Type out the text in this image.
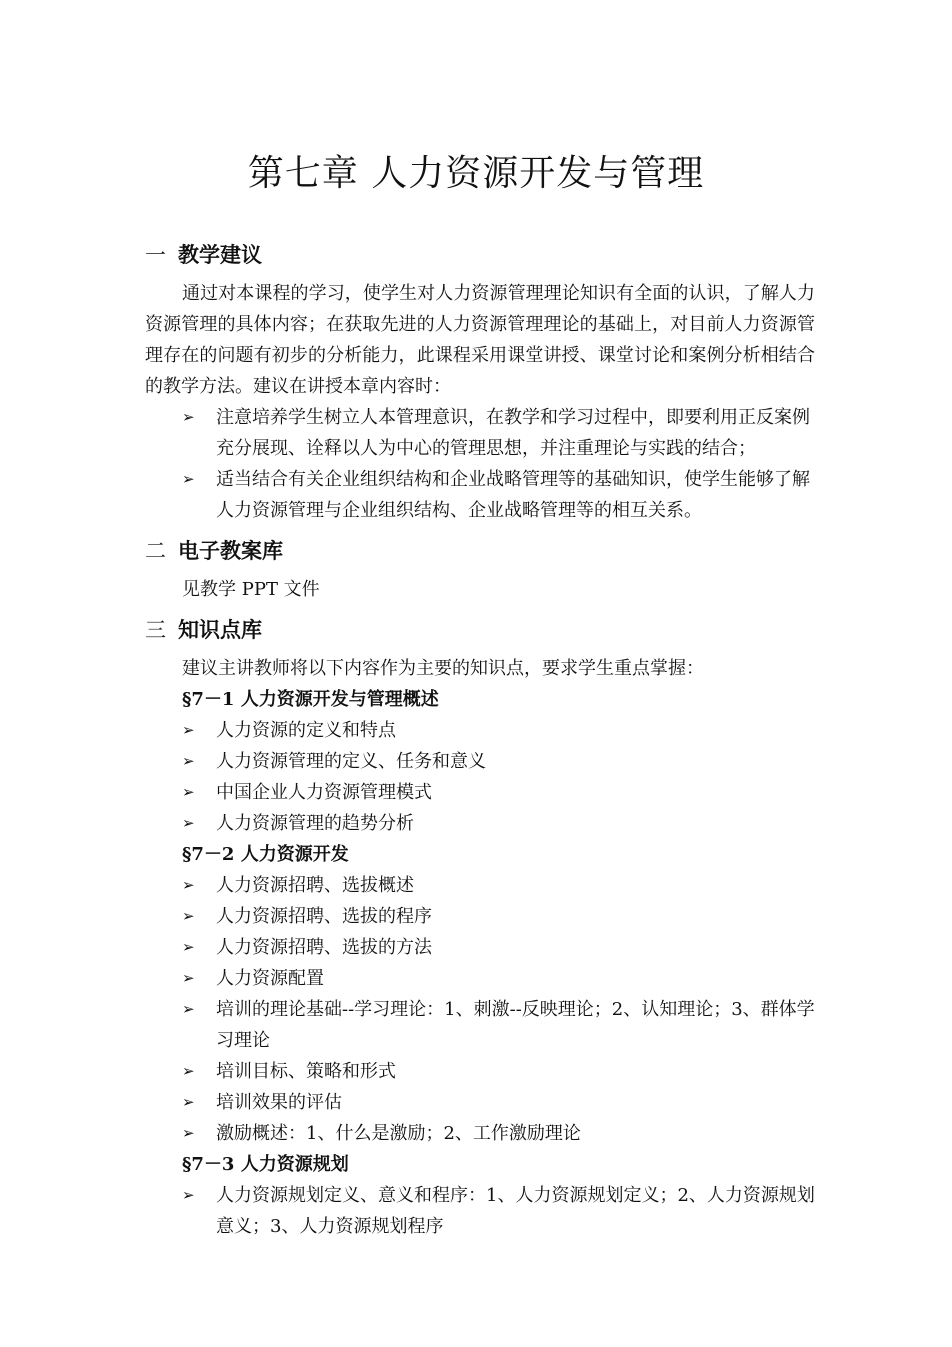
第七章 人力资源开发与管理
一 教学建议

通过对本课程的学习，使学生对人力资源管理理论知识有全面的认识，了解人力资源管理的具体内容；在获取先进的人力资源管理理论的基础上，对目前人力资源管理存在的问题有初步的分析能力，此课程采用课堂讲授、课堂讨论和案例分析相结合的教学方法。建议在讲授本章内容时：

➢ 注意培养学生树立人本管理意识，在教学和学习过程中，即要利用正反案例充分展现、诠释以人为中心的管理思想，并注重理论与实践的结合；
➢ 适当结合有关企业组织结构和企业战略管理等的基础知识，使学生能够了解人力资源管理与企业组织结构、企业战略管理等的相互关系。
二 电子教案库

见教学 PPT 文件

三 知识点库

建议主讲教师将以下内容作为主要的知识点，要求学生重点掌握：

§7－1 人力资源开发与管理概述

➢ 人力资源的定义和特点
➢ 人力资源管理的定义、任务和意义
➢ 中国企业人力资源管理模式
➢ 人力资源管理的趋势分析

§7－2 人力资源开发

➢ 人力资源招聘、选拔概述
➢ 人力资源招聘、选拔的程序
➢ 人力资源招聘、选拔的方法
➢ 人力资源配置
➢ 培训的理论基础--学习理论：1、刺激--反映理论；2、认知理论；3、群体学习理论
➢ 培训目标、策略和形式
➢ 培训效果的评估
➢ 激励概述：1、什么是激励；2、工作激励理论

§7－3 人力资源规划

➢ 人力资源规划定义、意义和程序：1、人力资源规划定义；2、人力资源规划意义；3、人力资源规划程序
